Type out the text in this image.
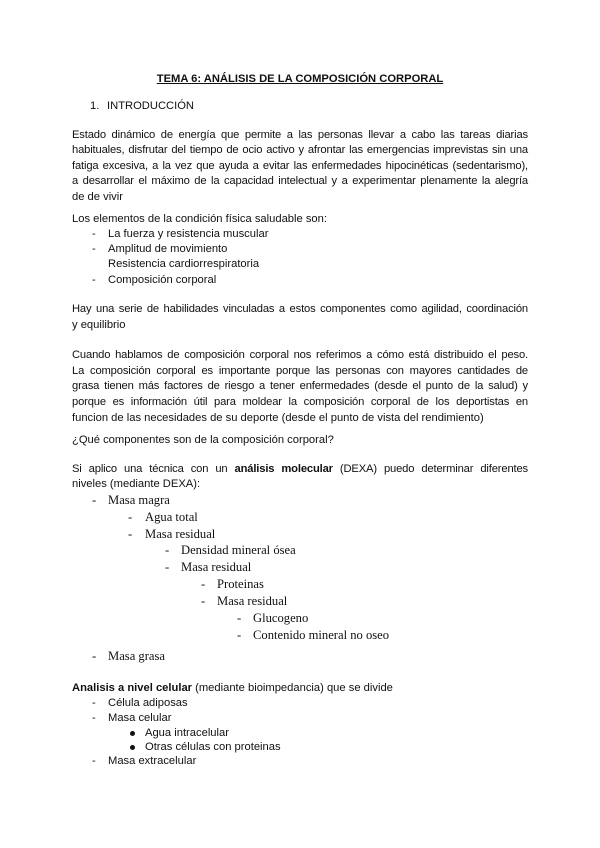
TEMA 6: ANÁLISIS DE LA COMPOSICIÓN CORPORAL
1. INTRODUCCIÓN
Estado dinámico de energía que permite a las personas llevar a cabo las tareas diarias
habituales, disfrutar del tiempo de ocio activo y afrontar las emergencias imprevistas sin una
fatiga excesiva, a la vez que ayuda a evitar las enfermedades hipocinéticas (sedentarismo),
a desarrollar el máximo de la capacidad intelectual y a experimentar plenamente la alegría
de de vivir
Los elementos de la condición física saludable son:
- La fuerza y resistencia muscular
- Amplitud de movimiento
Resistencia cardiorrespiratoria
- Composición corporal
Hay una serie de habilidades vinculadas a estos componentes como agilidad, coordinación
y equilibrio
Cuando hablamos de composición corporal nos referimos a cómo está distribuido el peso.
La composición corporal es importante porque las personas con mayores cantidades de
grasa tienen más factores de riesgo a tener enfermedades (desde el punto de la salud) y
porque es información útil para moldear la composición corporal de los deportistas en
funcion de las necesidades de su deporte (desde el punto de vista del rendimiento)
¿Qué componentes son de la composición corporal?
Si aplico una técnica con un análisis molecular (DEXA) puedo determinar diferentes
niveles (mediante DEXA):
- Masa magra
- Agua total
- Masa residual
- Densidad mineral ósea
- Masa residual
- Proteinas
- Masa residual
- Glucogeno
- Contenido mineral no oseo
- Masa grasa
Analisis a nivel celular (mediante bioimpedancia) que se divide
- Célula adiposas
- Masa celular
Agua intracelular
Otras células con proteinas
- Masa extracelular
